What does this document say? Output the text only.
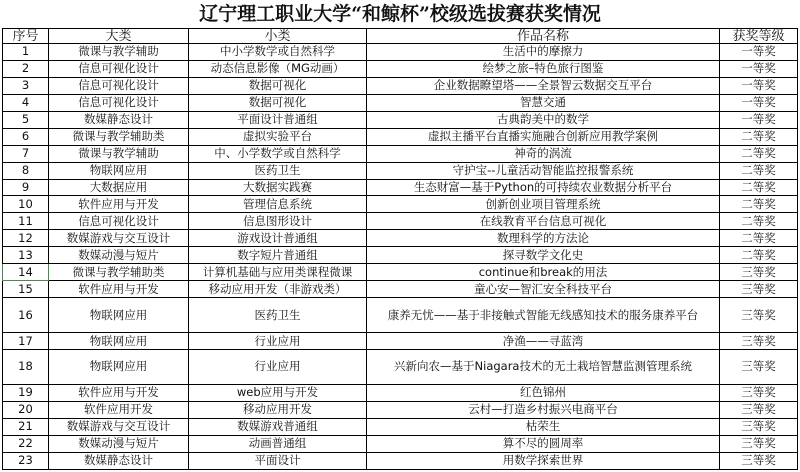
辽宁理工职业大学“和鲸杯”校级选拔赛获奖情况
序号	大类	小类	作品名称	获奖等级
1	微课与教学辅助	中小学数学或自然科学	生活中的摩擦力	一等奖
2	信息可视化设计	动态信息影像（MG动画）	绘梦之旅–特色旅行图鉴	一等奖
3	信息可视化设计	数据可视化	企业数据瞭望塔——全景智云数据交互平台	一等奖
4	信息可视化设计	数据可视化	智慧交通	一等奖
5	数媒静态设计	平面设计普通组	古典韵美中的数学	一等奖
6	微课与教学辅助类	虚拟实验平台	虚拟主播平台直播实施融合创新应用教学案例	二等奖
7	微课与教学辅助	中、小学数学或自然科学	神奇的涡流	二等奖
8	物联网应用	医药卫生	守护宝--儿童活动智能监控报警系统	二等奖
9	大数据应用	大数据实践赛	生态财富—基于Python的可持续农业数据分析平台	二等奖
10	软件应用与开发	管理信息系统	创新创业项目管理系统	二等奖
11	信息可视化设计	信息图形设计	在线教育平台信息可视化	二等奖
12	数媒游戏与交互设计	游戏设计普通组	数理科学的方法论	二等奖
13	数媒动漫与短片	数字短片普通组	探寻数学文化史	二等奖
14	微课与教学辅助类	计算机基础与应用类课程微课	continue和break的用法	三等奖
15	软件应用与开发	移动应用开发（非游戏类）	童心安—智汇安全科技平台	三等奖
16	物联网应用	医药卫生	康养无忧——基于非接触式智能无线感知技术的服务康养平台	三等奖
17	物联网应用	行业应用	净渔——寻蓝湾	三等奖
18	物联网应用	行业应用	兴新向农—基于Niagara技术的无土栽培智慧监测管理系统	三等奖
19	软件应用与开发	web应用与开发	红色锦州	三等奖
20	软件应用开发	移动应用开发	云村—打造乡村振兴电商平台	三等奖
21	数媒游戏与交互设计	数媒游戏普通组	枯荣生	三等奖
22	数媒动漫与短片	动画普通组	算不尽的圆周率	三等奖
23	数媒静态设计	平面设计	用数学探索世界	三等奖
